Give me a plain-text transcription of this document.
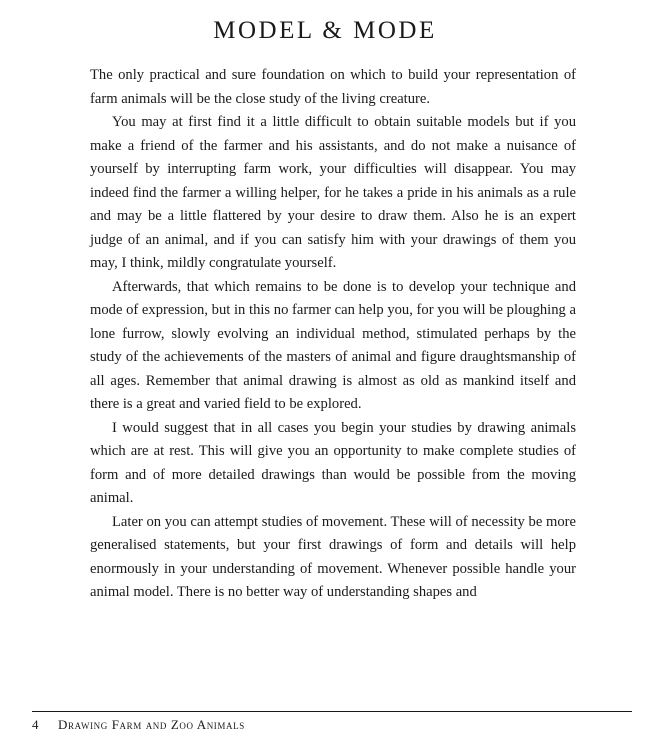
MODEL & MODE

The only practical and sure foundation on which to build your representation of farm animals will be the close study of the living creature.

You may at first find it a little difficult to obtain suitable models but if you make a friend of the farmer and his assistants, and do not make a nuisance of yourself by interrupting farm work, your difficulties will disappear. You may indeed find the farmer a willing helper, for he takes a pride in his animals as a rule and may be a little flattered by your desire to draw them. Also he is an expert judge of an animal, and if you can satisfy him with your drawings of them you may, I think, mildly congratulate yourself.

Afterwards, that which remains to be done is to develop your technique and mode of expression, but in this no farmer can help you, for you will be ploughing a lone furrow, slowly evolving an individual method, stimulated perhaps by the study of the achievements of the masters of animal and figure draughtsmanship of all ages. Remember that animal drawing is almost as old as mankind itself and there is a great and varied field to be explored.

I would suggest that in all cases you begin your studies by drawing animals which are at rest. This will give you an opportunity to make complete studies of form and of more detailed drawings than would be possible from the moving animal.

Later on you can attempt studies of movement. These will of necessity be more generalised statements, but your first drawings of form and details will help enormously in your understanding of movement. Whenever possible handle your animal model. There is no better way of understanding shapes and

4 Drawing Farm and Zoo Animals
